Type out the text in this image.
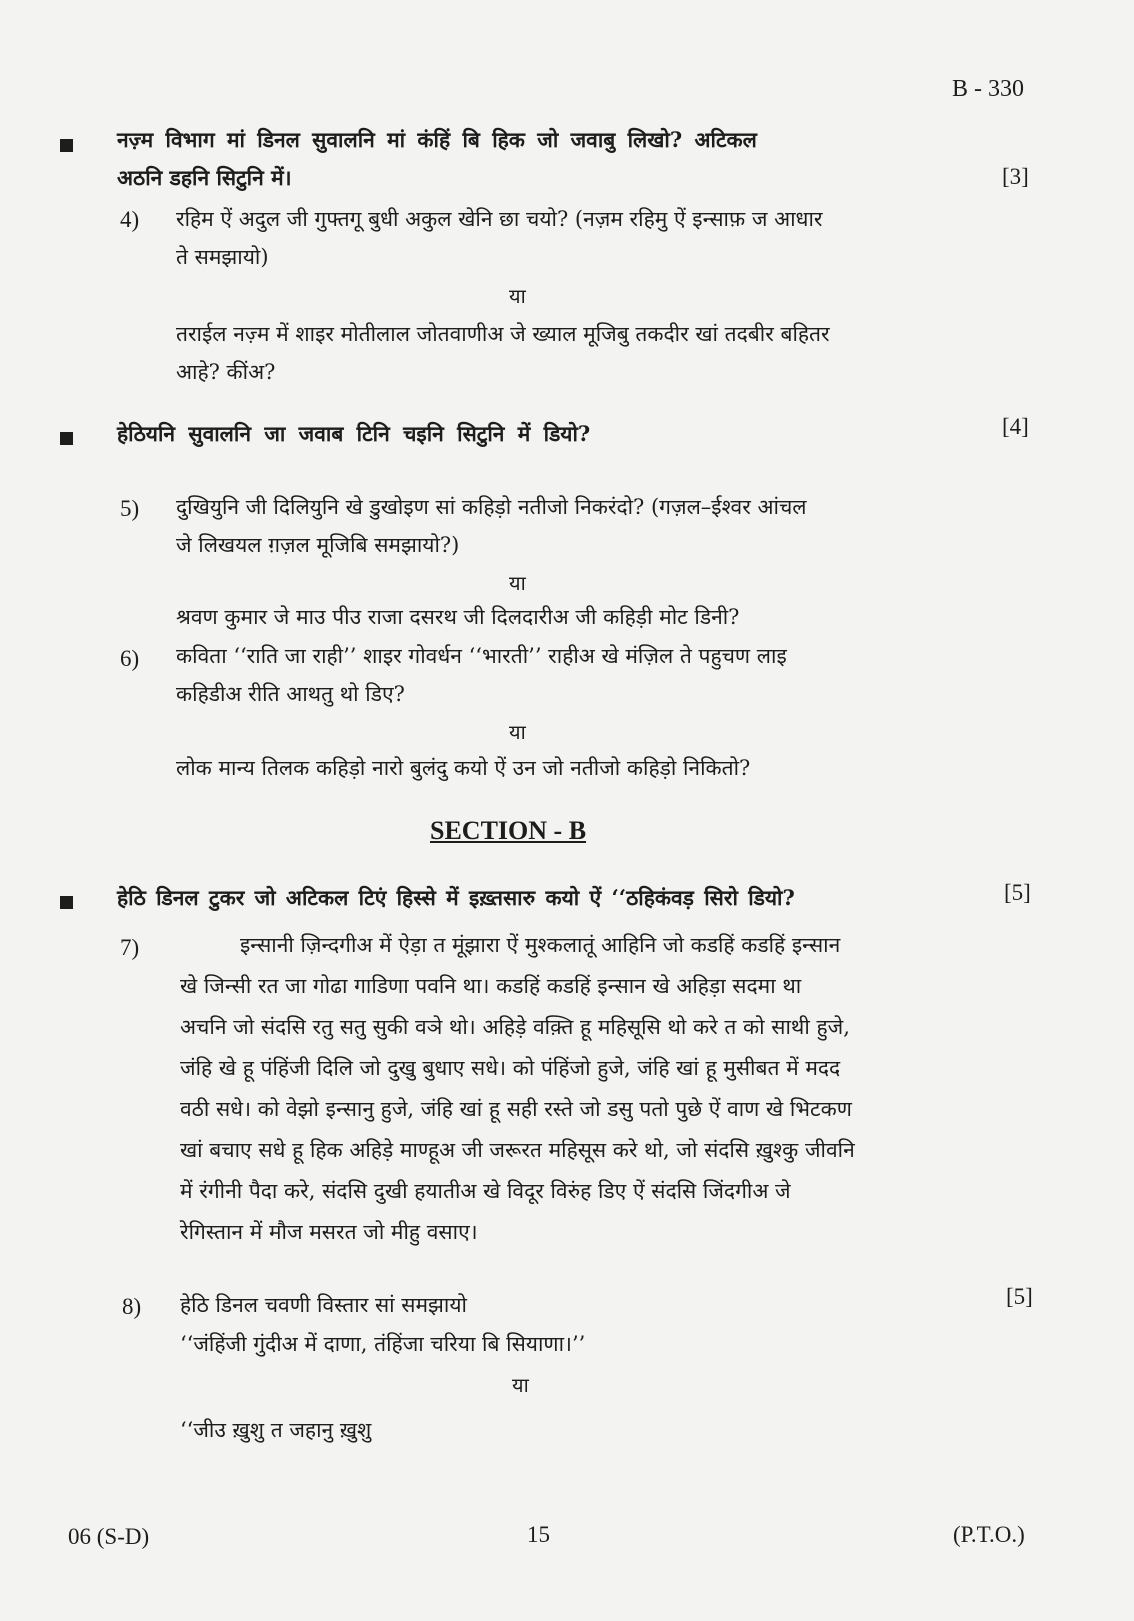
B - 330
नज़्म विभाग मां डिनल सुवालनि मां कंहिं बि हिक जो जवाबु लिखो? अटिकल
अठनि डहनि सिटुनि में।	[3]
4) रहिम ऐं अदुल जी गुफ्तगू बुधी अकुल खेनि छा चयो? (नज़म रहिमु ऐं इन्साफ़ ज आधार
ते समझायो)
या
तराईल नज़्म में शाइर मोतीलाल जोतवाणीअ जे ख्याल मूजिबु तकदीर खां तदबीर बहितर
आहे? कींअ?
हेठियनि सुवालनि जा जवाब टिनि चइनि सिटुनि में डियो?	[4]
5) दुखियुनि जी दिलियुनि खे डुखोइण सां कहिड़ो नतीजो निकरंदो? (गज़ल–ईश्वर आंचल
जे लिखयल ग़ज़ल मूजिबि समझायो?)
या
श्रवण कुमार जे माउ पीउ राजा दसरथ जी दिलदारीअ जी कहिड़ी मोट डिनी?
6) कविता ‘‘राति जा राही’’ शाइर गोवर्धन ‘‘भारती’’ राहीअ खे मंज़िल ते पहुचण लाइ
कहिडीअ रीति आथतु थो डिए?
या
लोक मान्य तिलक कहिड़ो नारो बुलंदु कयो ऐं उन जो नतीजो कहिड़ो निकितो?
SECTION - B
हेठि डिनल टुकर जो अटिकल टिएं हिस्से में इख़्तसारु कयो ऐं ‘‘ठहिकंवड़ सिरो डियो?	[5]
7)	इन्सानी ज़िन्दगीअ में ऐड़ा त मूंझारा ऐं मुश्कलातूं आहिनि जो कडहिं कडहिं इन्सान
खे जिन्सी रत जा गोढा गाडिणा पवनि था। कडहिं कडहिं इन्सान खे अहिड़ा सदमा था
अचनि जो संदसि रतु सतु सुकी वञे थो। अहिड़े वक़्ति हू महिसूसि थो करे त को साथी हुजे,
जंहि खे हू पंहिंजी दिलि जो दुखु बुधाए सधे। को पंहिंजो हुजे, जंहि खां हू मुसीबत में मदद
वठी सधे। को वेझो इन्सानु हुजे, जंहि खां हू सही रस्ते जो डसु पतो पुछे ऐं वाण खे भिटकण
खां बचाए सधे हू हिक अहिड़े माण्हूअ जी जरूरत महिसूस करे थो, जो संदसि ख़ुश्कु जीवनि
में रंगीनी पैदा करे, संदसि दुखी हयातीअ खे विदूर विरुंह डिए ऐं संदसि जिंदगीअ जे
रेगिस्तान में मौज मसरत जो मीहु वसाए।
8) हेठि डिनल चवणी विस्तार सां समझायो	[5]
‘‘जंहिंजी गुंदीअ में दाणा, तंहिंजा चरिया बि सियाणा।’’
या
‘‘जीउ ख़ुशु त जहानु ख़ुशु
06 (S-D)	15	(P.T.O.)
